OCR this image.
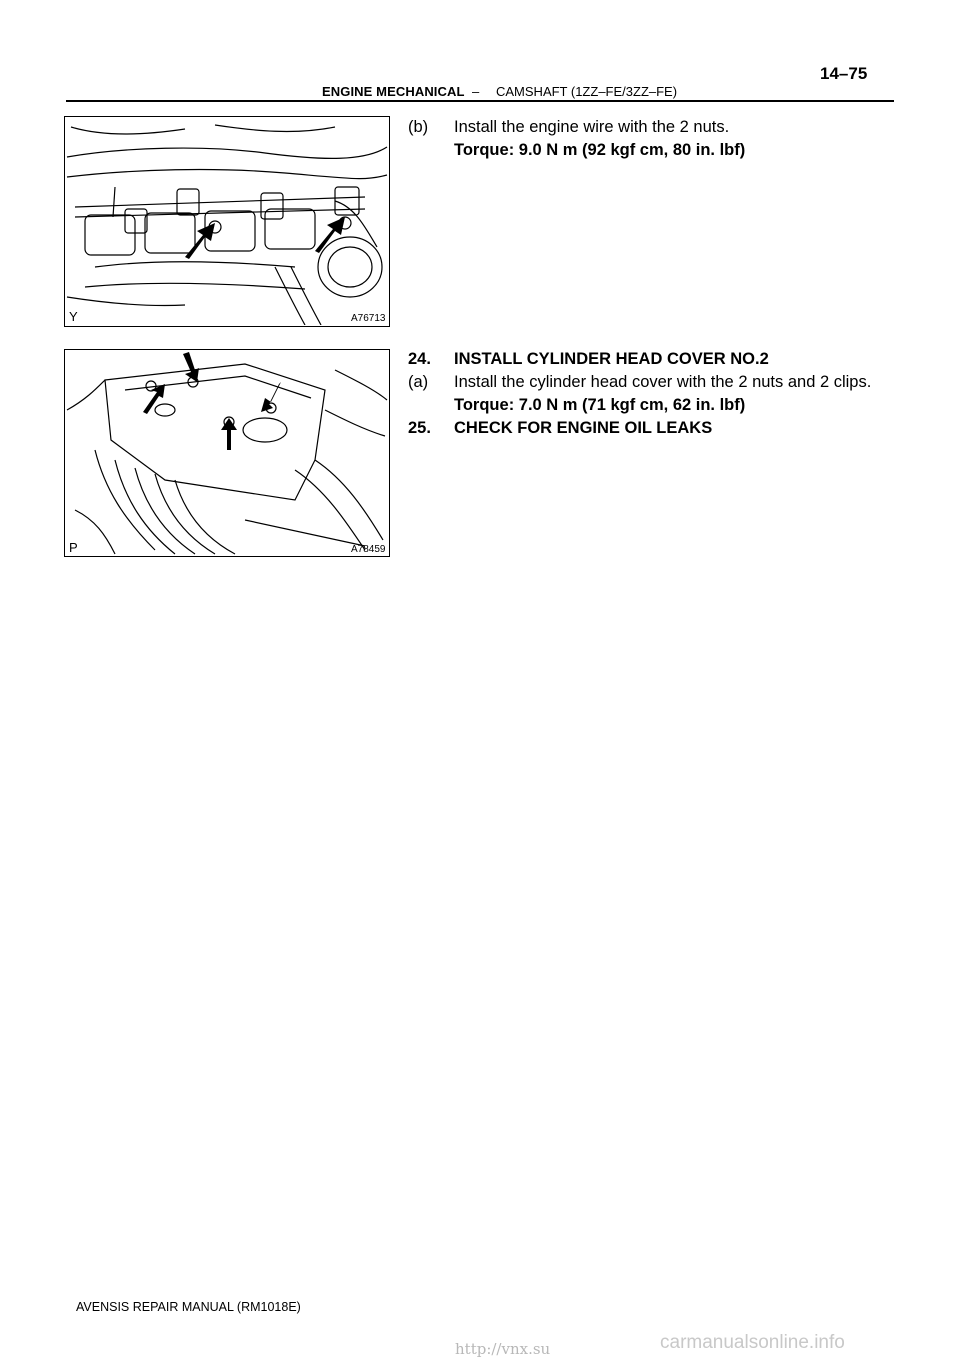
14–75
ENGINE MECHANICAL – CAMSHAFT (1ZZ–FE/3ZZ–FE)
Y	A76713
P	A78459
(b) Install the engine wire with the 2 nuts.
Torque: 9.0 N m (92 kgf cm, 80 in. lbf)
24. INSTALL CYLINDER HEAD COVER NO.2
(a) Install the cylinder head cover with the 2 nuts and 2 clips.
Torque: 7.0 N m (71 kgf cm, 62 in. lbf)
25. CHECK FOR ENGINE OIL LEAKS
AVENSIS REPAIR MANUAL (RM1018E)
http://vnx.su	carmanualsonline.info
